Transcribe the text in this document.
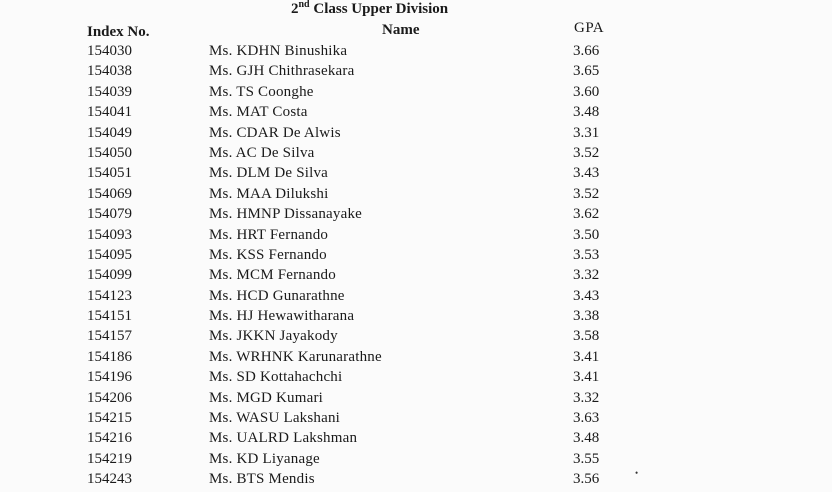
2nd Class Upper Division
Index No.	Name	GPA
154030	Ms. KDHN Binushika	3.66
154038	Ms. GJH Chithrasekara	3.65
154039	Ms. TS Coonghe	3.60
154041	Ms. MAT Costa	3.48
154049	Ms. CDAR De Alwis	3.31
154050	Ms. AC De Silva	3.52
154051	Ms. DLM De Silva	3.43
154069	Ms. MAA Dilukshi	3.52
154079	Ms. HMNP Dissanayake	3.62
154093	Ms. HRT Fernando	3.50
154095	Ms. KSS Fernando	3.53
154099	Ms. MCM Fernando	3.32
154123	Ms. HCD Gunarathne	3.43
154151	Ms. HJ Hewawitharana	3.38
154157	Ms. JKKN Jayakody	3.58
154186	Ms. WRHNK Karunarathne	3.41
154196	Ms. SD Kottahachchi	3.41
154206	Ms. MGD Kumari	3.32
154215	Ms. WASU Lakshani	3.63
154216	Ms. UALRD Lakshman	3.48
154219	Ms. KD Liyanage	3.55
154243	Ms. BTS Mendis	3.56	•
